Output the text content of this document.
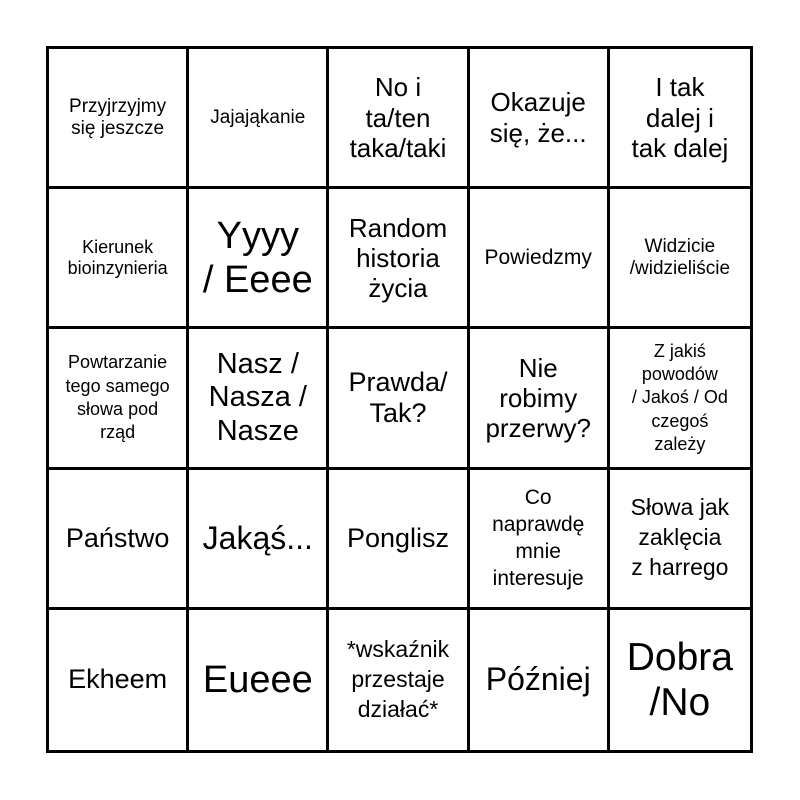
Przyjrzyjmy
się jeszcze
Jajająkanie
No i
ta/ten
taka/taki
Okazuje
się, że...
I tak
dalej i
tak dalej
Kierunek
bioinzynieria
Yyyy
/ Eeee
Random
historia
życia
Powiedzmy	Widzicie
/widzieliście
Powtarzanie
tego samego
słowa pod
rząd
Nasz /
Nasza /
Nasze
Prawda/
Tak?
Nie
robimy
przerwy?
Z jakiś
powodów
/ Jakoś / Od
czegoś
zależy
Państwo Jakąś... Ponglisz
Co
naprawdę
mnie
interesuje
Słowa jak
zaklęcia
z harrego
Ekheem Eueee
*wskaźnik
przestaje
działać*
Później
Dobra
/No
